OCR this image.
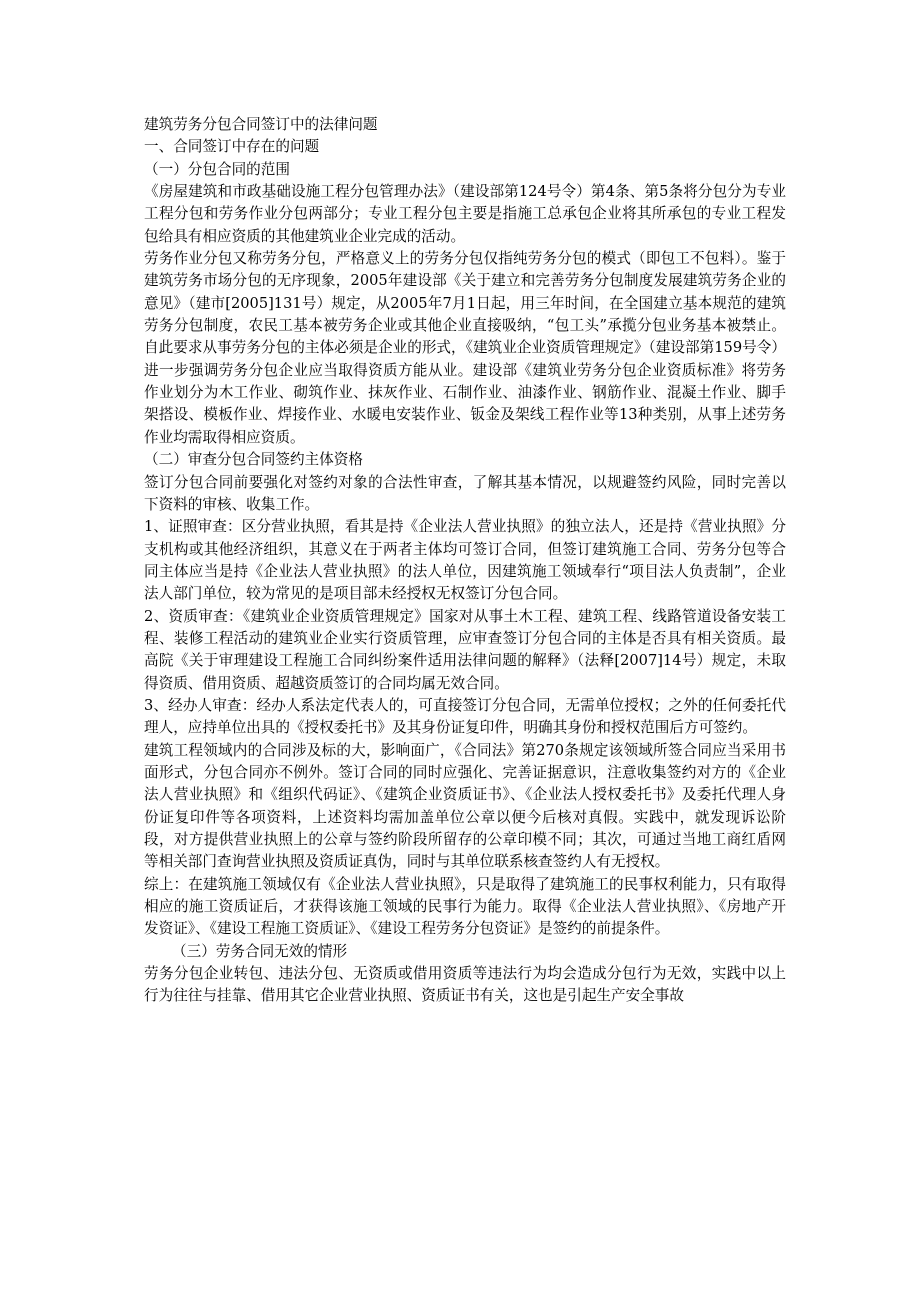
建筑劳务分包合同签订中的法律问题

一、合同签订中存在的问题

（一）分包合同的范围

《房屋建筑和市政基础设施工程分包管理办法》（建设部第124号令）第4条、第5条将分包分为专业工程分包和劳务作业分包两部分；专业工程分包主要是指施工总承包企业将其所承包的专业工程发包给具有相应资质的其他建筑业企业完成的活动。

劳务作业分包又称劳务分包，严格意义上的劳务分包仅指纯劳务分包的模式（即包工不包料）。鉴于建筑劳务市场分包的无序现象，2005年建设部《关于建立和完善劳务分包制度发展建筑劳务企业的意见》（建市[2005]131号）规定，从2005年7月1日起，用三年时间，在全国建立基本规范的建筑劳务分包制度，农民工基本被劳务企业或其他企业直接吸纳，“包工头”承揽分包业务基本被禁止。自此要求从事劳务分包的主体必须是企业的形式，《建筑业企业资质管理规定》（建设部第159号令）进一步强调劳务分包企业应当取得资质方能从业。建设部《建筑业劳务分包企业资质标准》将劳务作业划分为木工作业、砌筑作业、抹灰作业、石制作业、油漆作业、钢筋作业、混凝土作业、脚手架搭设、模板作业、焊接作业、水暖电安装作业、钣金及架线工程作业等13种类别，从事上述劳务作业均需取得相应资质。

（二）审查分包合同签约主体资格

签订分包合同前要强化对签约对象的合法性审查，了解其基本情况，以规避签约风险，同时完善以下资料的审核、收集工作。

1、证照审查：区分营业执照，看其是持《企业法人营业执照》的独立法人，还是持《营业执照》分支机构或其他经济组织，其意义在于两者主体均可签订合同，但签订建筑施工合同、劳务分包等合同主体应当是持《企业法人营业执照》的法人单位，因建筑施工领域奉行“项目法人负责制”，企业法人部门单位，较为常见的是项目部未经授权无权签订分包合同。

2、资质审查：《建筑业企业资质管理规定》国家对从事土木工程、建筑工程、线路管道设备安装工程、装修工程活动的建筑业企业实行资质管理，应审查签订分包合同的主体是否具有相关资质。最高院《关于审理建设工程施工合同纠纷案件适用法律问题的解释》（法释[2007]14号）规定，未取得资质、借用资质、超越资质签订的合同均属无效合同。

3、经办人审查：经办人系法定代表人的，可直接签订分包合同，无需单位授权；之外的任何委托代理人，应持单位出具的《授权委托书》及其身份证复印件，明确其身份和授权范围后方可签约。

建筑工程领域内的合同涉及标的大，影响面广，《合同法》第270条规定该领域所签合同应当采用书面形式，分包合同亦不例外。签订合同的同时应强化、完善证据意识，注意收集签约对方的《企业法人营业执照》和《组织代码证》、《建筑企业资质证书》、《企业法人授权委托书》及委托代理人身份证复印件等各项资料，上述资料均需加盖单位公章以便今后核对真假。实践中，就发现诉讼阶段，对方提供营业执照上的公章与签约阶段所留存的公章印模不同；其次，可通过当地工商红盾网等相关部门查询营业执照及资质证真伪，同时与其单位联系核查签约人有无授权。

综上：在建筑施工领域仅有《企业法人营业执照》，只是取得了建筑施工的民事权利能力，只有取得相应的施工资质证后，才获得该施工领域的民事行为能力。取得《企业法人营业执照》、《房地产开发资证》、《建设工程施工资质证》、《建设工程劳务分包资证》是签约的前提条件。

（三）劳务合同无效的情形

劳务分包企业转包、违法分包、无资质或借用资质等违法行为均会造成分包行为无效，实践中以上行为往往与挂靠、借用其它企业营业执照、资质证书有关，这也是引起生产安全事故
